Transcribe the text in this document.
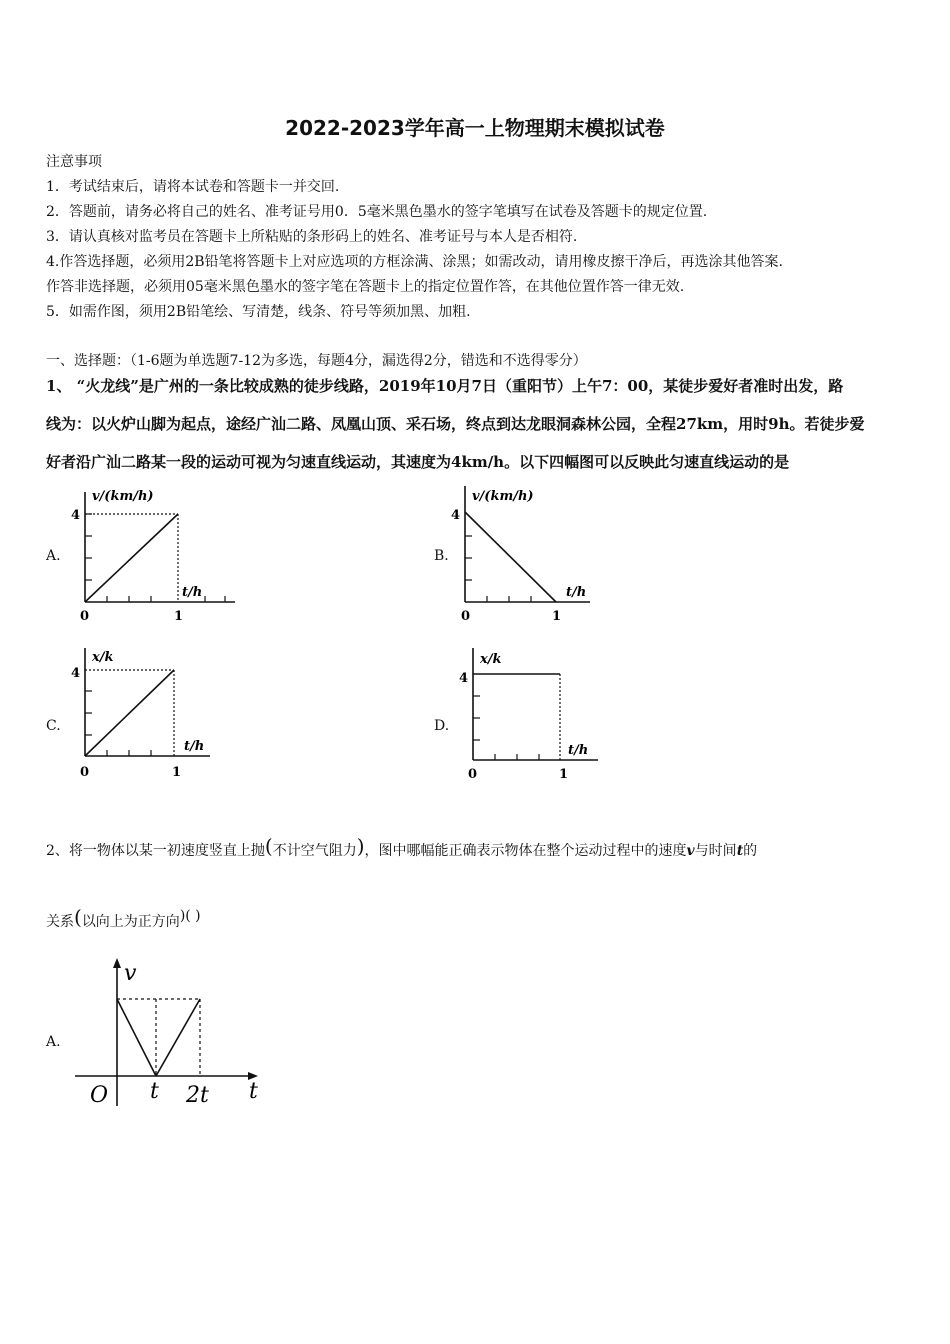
2022-2023学年高一上物理期末模拟试卷
注意事项
1．考试结束后，请将本试卷和答题卡一并交回.
2．答题前，请务必将自己的姓名、准考证号用0．5毫米黑色墨水的签字笔填写在试卷及答题卡的规定位置.
3．请认真核对监考员在答题卡上所粘贴的条形码上的姓名、准考证号与本人是否相符.
4.作答选择题，必须用2B铅笔将答题卡上对应选项的方框涂满、涂黑；如需改动，请用橡皮擦干净后，再选涂其他答案.
作答非选择题，必须用05毫米黑色墨水的签字笔在答题卡上的指定位置作答，在其他位置作答一律无效.
5．如需作图，须用2B铅笔绘、写清楚，线条、符号等须加黑、加粗.
一、选择题：（1-6题为单选题7-12为多选，每题4分，漏选得2分，错选和不选得零分）
1、 “火龙线”是广州的一条比较成熟的徒步线路，2019年10月7日（重阳节）上午7：00，某徒步爱好者准时出发，路
线为：以火炉山脚为起点，途经广汕二路、凤凰山顶、采石场，终点到达龙眼洞森林公园，全程27km，用时9h。若徒步爱
好者沿广汕二路某一段的运动可视为匀速直线运动，其速度为4km/h。以下四幅图可以反映此匀速直线运动的是
A.	B.
C.	D.
v/(km/h)
4
t/h
0	1
v/(km/h)
4
t/h
0	1
x/k
4
t/h
0	1
x/k
4
t/h
0	1
2、将一物体以某一初速度竖直上抛(不计空气阻力)，图中哪幅能正确表示物体在整个运动过程中的速度v与时间t的
关系(以向上为正方向)( )
A.
v
t
O t 2t
